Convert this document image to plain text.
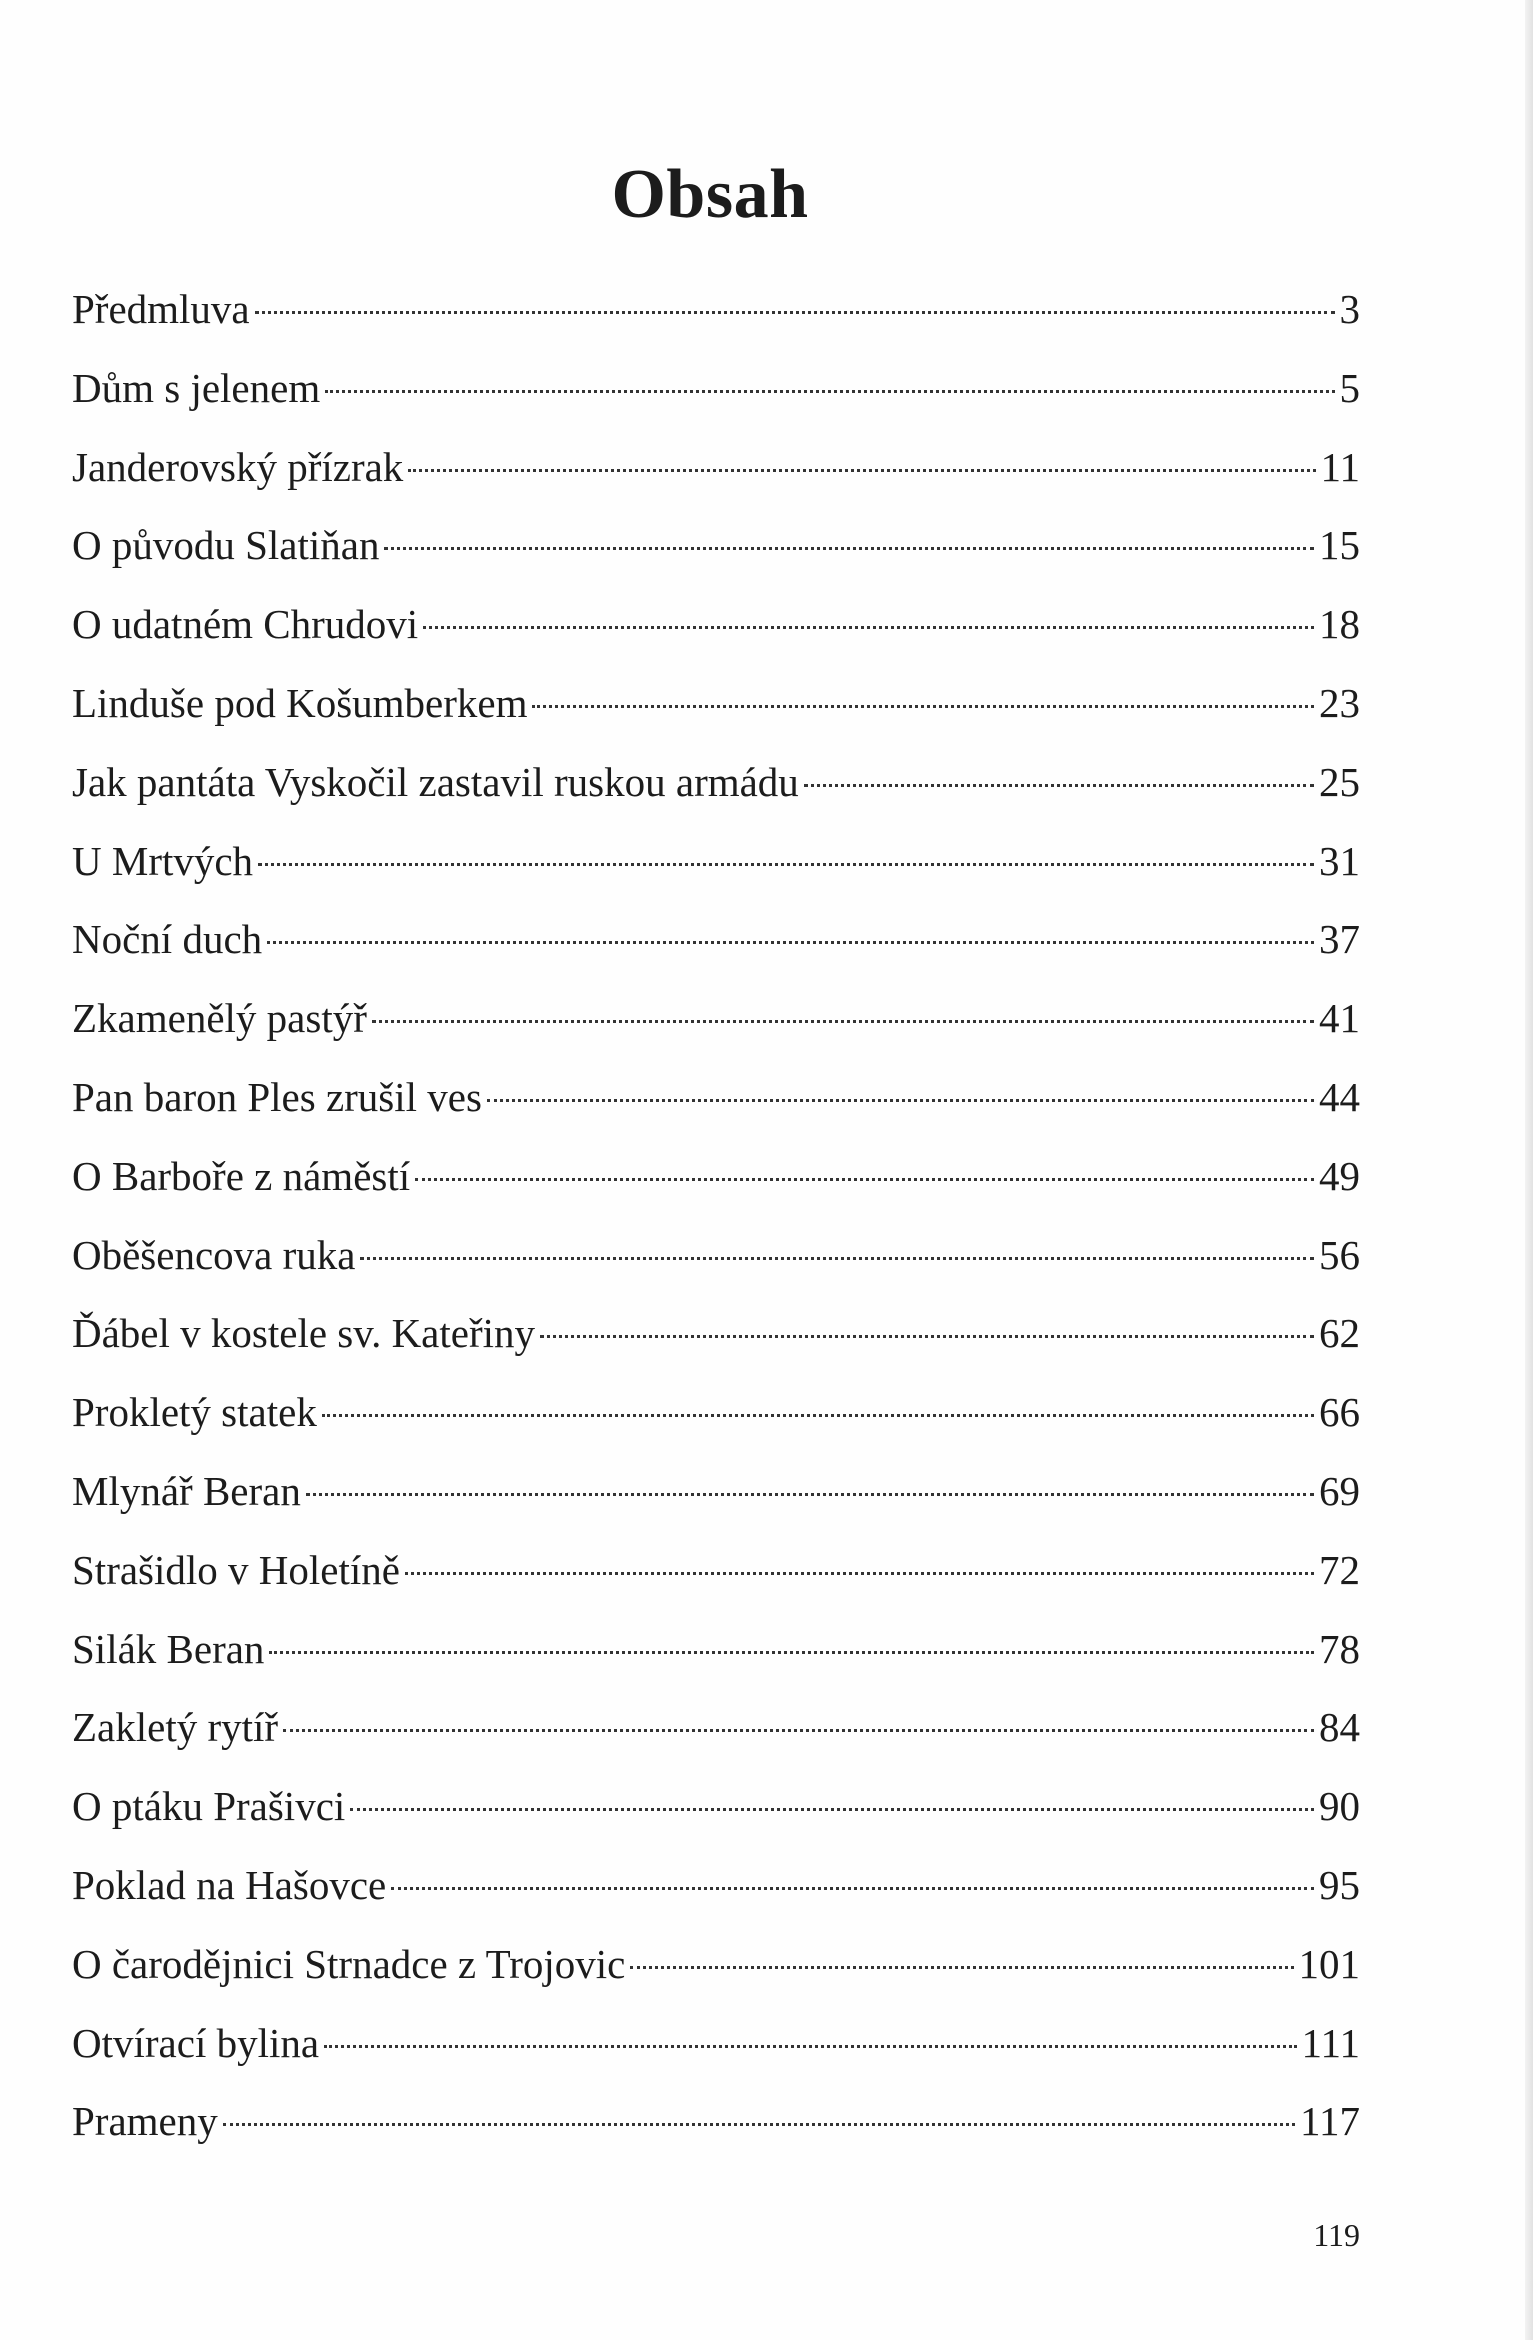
Obsah
Předmluva	3
Dům s jelenem	5
Janderovský přízrak	11
O původu Slatiňan	15
O udatném Chrudovi	18
Linduše pod Košumberkem	23
Jak pantáta Vyskočil zastavil ruskou armádu	25
U Mrtvých	31
Noční duch	37
Zkamenělý pastýř	41
Pan baron Ples zrušil ves	44
O Barboře z náměstí	49
Oběšencova ruka	56
Ďábel v kostele sv. Kateřiny	62
Prokletý statek	66
Mlynář Beran	69
Strašidlo v Holetíně	72
Silák Beran	78
Zakletý rytíř	84
O ptáku Prašivci	90
Poklad na Hašovce	95
O čarodějnici Strnadce z Trojovic	101
Otvírací bylina	111
Prameny	117
119
